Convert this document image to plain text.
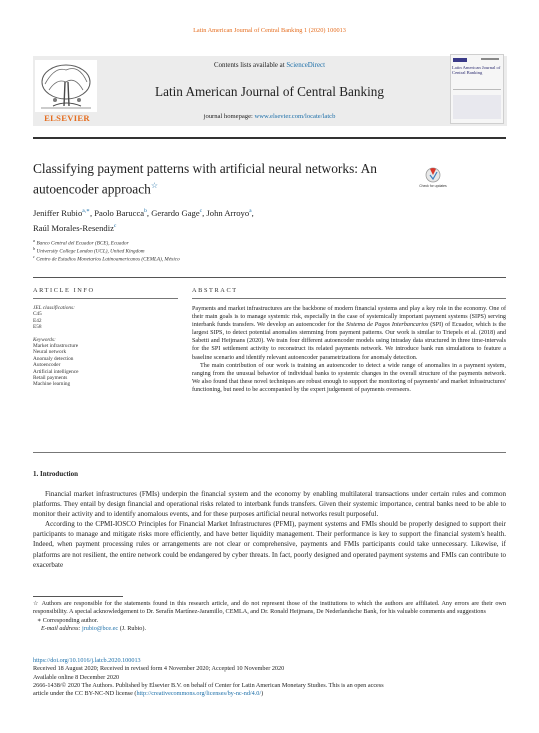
Latin American Journal of Central Banking 1 (2020) 100013
ELSEVIER
Contents lists available at ScienceDirect
Latin American Journal of Central Banking
journal homepage: www.elsevier.com/locate/latcb
Latin American Journal of Central Banking
Classifying payment patterns with artificial neural networks: An autoencoder approach☆	Check for updates
Jeniffer Rubio$^{a,∗}$, Paolo Barucca$^b$, Gerardo Gage$^c$, John Arroyo$^a$,
Raúl Morales-Resendiz$^c$
$^a$ Banco Central del Ecuador (BCE), Ecuador
$^b$ University College London (UCL), United Kingdom
$^c$ Centro de Estudios Monetarios Latinoamericanos (CEMLA), México
ARTICLE INFO
JEL classifications:
C45
E42
E58
Keywords:
Market infrastructure
Neural network
Anomaly detection
Autoencoder
Artificial intelligence
Retail payments
Machine learning
ABSTRACT

Payments and market infrastructures are the backbone of modern financial systems and play a key role in the economy. One of their main goals is to manage systemic risk, especially in the case of systemically important payment systems (SIPS) serving interbank funds transfers. We develop an autoencoder for the Sistema de Pagos Interbancarios (SPI) of Ecuador, which is the largest SIPS, to detect potential anomalies stemming from payment patterns. Our work is similar to Triepels et al. (2018) and Sabetti and Heijmans (2020). We train four different autoencoder models using intraday data structured in three time-intervals for the SPI settlement activity to reconstruct its related payments network. We introduce bank run simulations to feature a baseline scenario and identify relevant autoencoder parametrizations for anomaly detection.

The main contribution of our work is training an autoencoder to detect a wide range of anomalies in a payment system, ranging from the unusual behavior of individual banks to systemic changes in the overall structure of the payments network. We also found that these novel techniques are robust enough to support the monitoring of payments' and market infrastructures' functioning, but need to be accompanied by the expert judgement of payments overseers.

1. Introduction

Financial market infrastructures (FMIs) underpin the financial system and the economy by enabling multilateral transactions under certain rules and common platforms. They entail by design financial and operational risks related to interbank funds transfers. Given their systemic importance, central banks need to be able to monitor their activity and to identify anomalous events, and for these purposes artificial neural networks result purposeful.

According to the CPMI-IOSCO Principles for Financial Market Infrastructures (PFMI), payment systems and FMIs should be properly designed to support their participants to manage and mitigate risks more efficiently, and have better liquidity management. Their performance is key to support the financial system's health. Indeed, when payment processing rules or arrangements are not clear or comprehensive, payments and FMIs participants could take unnecessary. Likewise, if platforms are not resilient, the entire network could be endangered by cyber threats. In fact, poorly designed and operated payment systems and FMIs can contribute to exacerbate

☆ Authors are responsible for the statements found in this research article, and do not represent those of the institutions to which the authors are affiliated. Any errors are their own responsibility. A special acknowledgement to Dr. Serafín Martínez-Jaramillo, CEMLA, and Dr. Ronald Heijmans, De Nederlandsche Bank, for his valuable comments and suggestions

∗ Corresponding author.

E-mail address: jrubio@bce.ec (J. Rubio).

https://doi.org/10.1016/j.latcb.2020.100013
Received 18 August 2020; Received in revised form 4 November 2020; Accepted 10 November 2020
Available online 8 December 2020
2666-1438/© 2020 The Authors. Published by Elsevier B.V. on behalf of Center for Latin American Monetary Studies. This is an open access
article under the CC BY-NC-ND license (http://creativecommons.org/licenses/by-nc-nd/4.0/)
